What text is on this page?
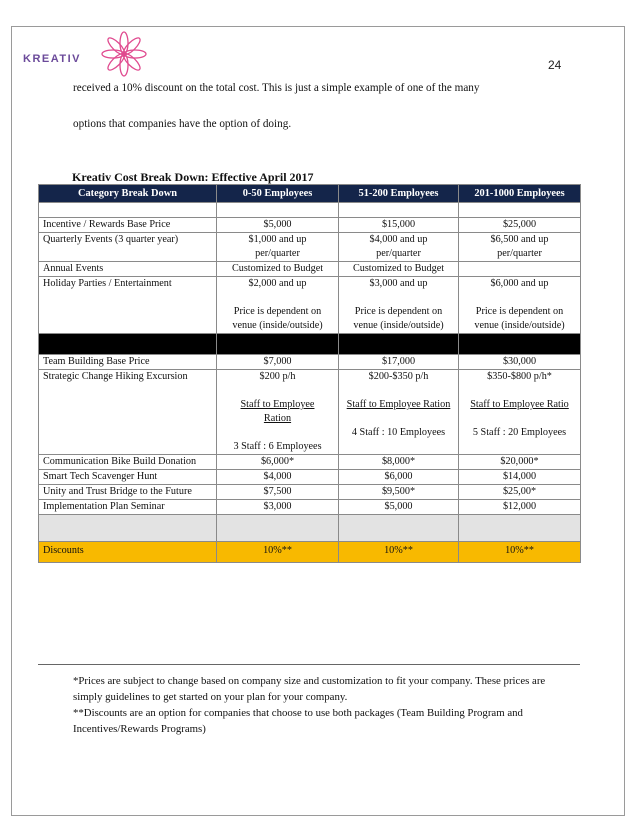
KREATIV	24
received a 10% discount on the total cost. This is just a simple example of one of the many
options that companies have the option of doing.
Kreativ Cost Break Down: Effective April 2017
Category Break Down	0-50 Employees	51-200 Employees	201-1000 Employees

Incentive / Rewards Base Price	$5,000	$15,000	$25,000

Quarterly Events (3 quarter year)	$1,000 and up
per/quarter	$4,000 and up
per/quarter	$6,500 and up
per/quarter

Annual Events	Customized to Budget	Customized to Budget	

Holiday Parties / Entertainment	$2,000 and up

Price is dependent on
venue (inside/outside)	$3,000 and up

Price is dependent on
venue (inside/outside)	$6,000 and up

Price is dependent on
venue (inside/outside)

Team Building Base Price	$7,000	$17,000	$30,000

Strategic Change Hiking Excursion	$200 p/h

Staff to Employee
Ration

3 Staff : 6 Employees	$200-$350 p/h

Staff to Employee Ration

4 Staff : 10 Employees	$350-$800 p/h*

Staff to Employee Ratio

5 Staff : 20 Employees

Communication Bike Build Donation	$6,000*	$8,000*	$20,000*

Smart Tech Scavenger Hunt	$4,000	$6,000	$14,000

Unity and Trust Bridge to the Future	$7,500	$9,500*	$25,00*

Implementation Plan Seminar	$3,000	$5,000	$12,000

Discounts	10%**	10%**	10%**
*Prices are subject to change based on company size and customization to fit your company. These prices are simply guidelines to get started on your plan for your company.
**Discounts are an option for companies that choose to use both packages (Team Building Program and Incentives/Rewards Programs)
